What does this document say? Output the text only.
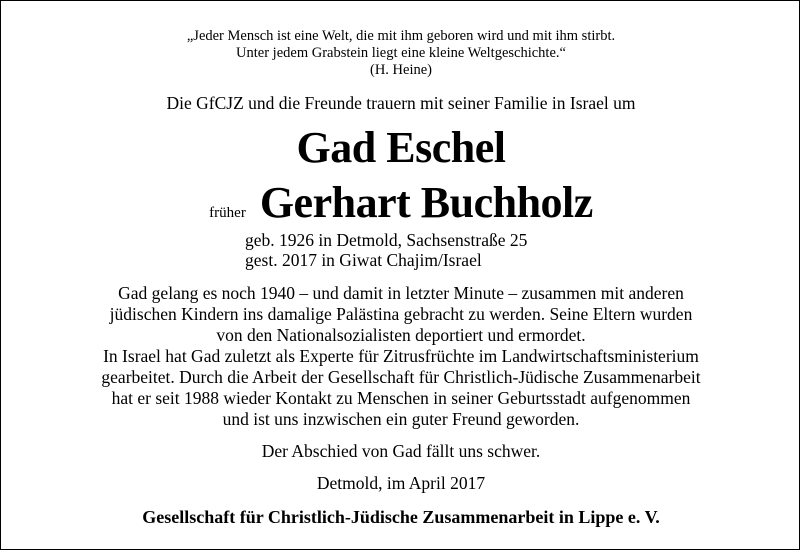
„Jeder Mensch ist eine Welt, die mit ihm geboren wird und mit ihm stirbt.
Unter jedem Grabstein liegt eine kleine Weltgeschichte.“
(H. Heine)
Die GfCJZ und die Freunde trauern mit seiner Familie in Israel um
Gad Eschel
früher Gerhart Buchholz
geb. 1926 in Detmold, Sachsenstraße 25
gest. 2017 in Giwat Chajim/Israel
Gad gelang es noch 1940 – und damit in letzter Minute – zusammen mit anderen
jüdischen Kindern ins damalige Palästina gebracht zu werden. Seine Eltern wurden
von den Nationalsozialisten deportiert und ermordet.
In Israel hat Gad zuletzt als Experte für Zitrusfrüchte im Landwirtschaftsministerium
gearbeitet. Durch die Arbeit der Gesellschaft für Christlich-Jüdische Zusammenarbeit
hat er seit 1988 wieder Kontakt zu Menschen in seiner Geburtsstadt aufgenommen
und ist uns inzwischen ein guter Freund geworden.
Der Abschied von Gad fällt uns schwer.
Detmold, im April 2017
Gesellschaft für Christlich-Jüdische Zusammenarbeit in Lippe e. V.
